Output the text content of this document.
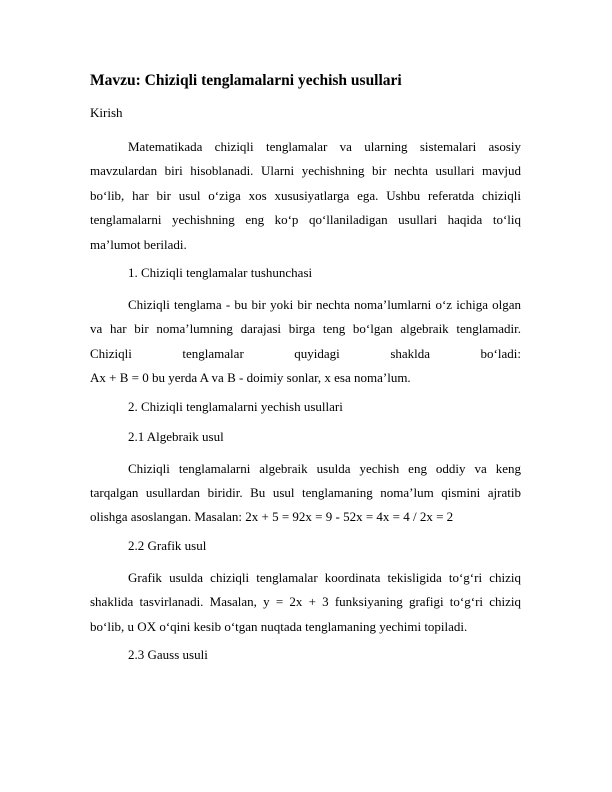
Mavzu: Chiziqli tenglamalarni yechish usullari
Kirish

Matematikada chiziqli tenglamalar va ularning sistemalari asosiy mavzulardan biri hisoblanadi. Ularni yechishning bir nechta usullari mavjud bo‘lib, har bir usul o‘ziga xos xususiyatlarga ega. Ushbu referatda chiziqli tenglamalarni yechishning eng ko‘p qo‘llaniladigan usullari haqida to‘liq ma’lumot beriladi.

1. Chiziqli tenglamalar tushunchasi

Chiziqli tenglama - bu bir yoki bir nechta noma’lumlarni o‘z ichiga olgan va har bir noma’lumning darajasi birga teng bo‘lgan algebraik tenglamadir. Chiziqli tenglamalar quyidagi shaklda bo‘ladi:

Ax + B = 0 bu yerda A va B - doimiy sonlar, x esa noma’lum.

2. Chiziqli tenglamalarni yechish usullari

2.1 Algebraik usul

Chiziqli tenglamalarni algebraik usulda yechish eng oddiy va keng tarqalgan usullardan biridir. Bu usul tenglamaning noma’lum qismini ajratib olishga asoslangan. Masalan: 2x + 5 = 92x = 9 - 52x = 4x = 4 / 2x = 2

2.2 Grafik usul

Grafik usulda chiziqli tenglamalar koordinata tekisligida to‘g‘ri chiziq shaklida tasvirlanadi. Masalan, y = 2x + 3 funksiyaning grafigi to‘g‘ri chiziq bo‘lib, u OX o‘qini kesib o‘tgan nuqtada tenglamaning yechimi topiladi.

2.3 Gauss usuli
